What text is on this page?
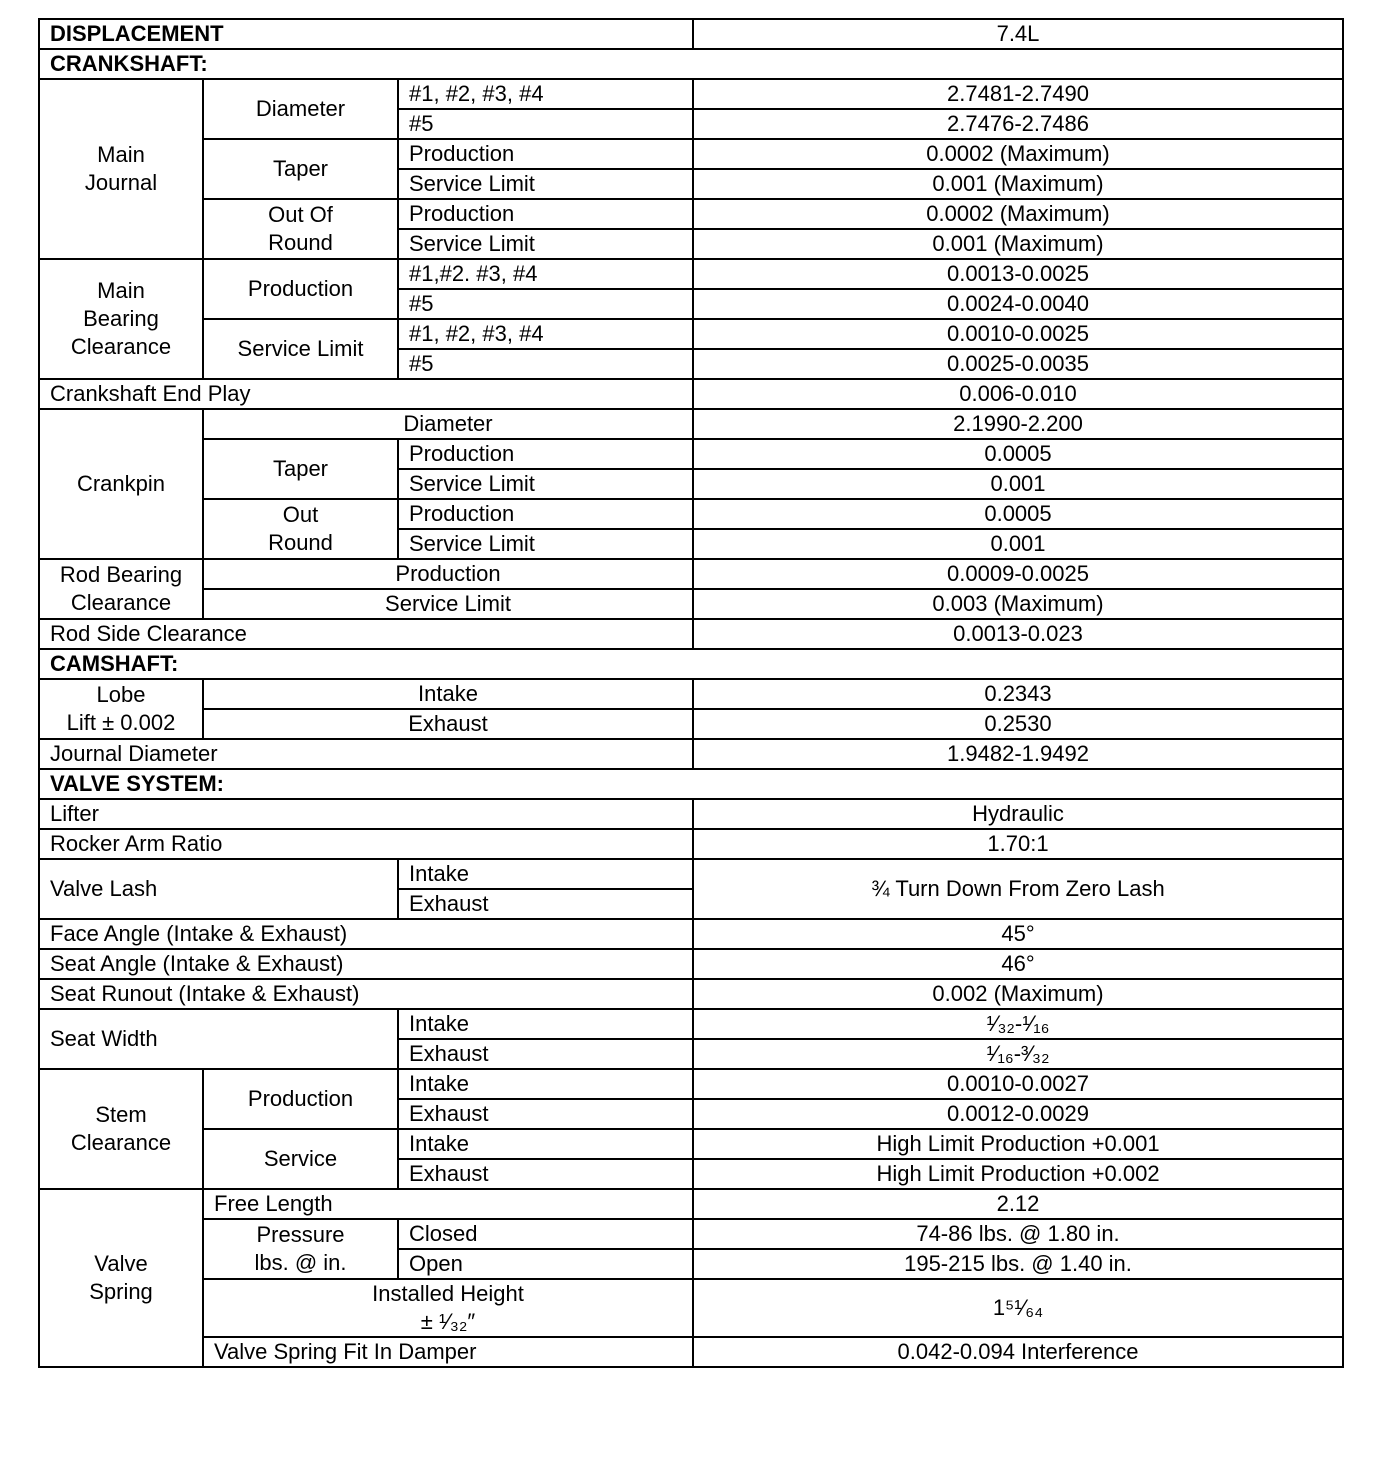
DISPLACEMENT			7.4L
CRANKSHAFT:			
Main
Journal	Diameter	#1, #2, #3, #4	2.7481-2.7490
		#5	2.7476-2.7486
	Taper	Production	0.0002 (Maximum)
		Service Limit	0.001 (Maximum)
	Out Of
Round	Production	0.0002 (Maximum)
		Service Limit	0.001 (Maximum)
Main
Bearing
Clearance	Production	#1,#2. #3, #4	0.0013-0.0025
		#5	0.0024-0.0040
	Service Limit	#1, #2, #3, #4	0.0010-0.0025
		#5	0.0025-0.0035
Crankshaft End Play			0.006-0.010
Crankpin	Diameter		2.1990-2.200
	Taper	Production	0.0005
		Service Limit	0.001
	Out
Round	Production	0.0005
		Service Limit	0.001
Rod Bearing
Clearance	Production		0.0009-0.0025
	Service Limit		0.003 (Maximum)
Rod Side Clearance			0.0013-0.023
CAMSHAFT:			
Lobe
Lift ± 0.002	Intake		0.2343
	Exhaust		0.2530
Journal Diameter			1.9482-1.9492
VALVE SYSTEM:			
Lifter			Hydraulic
Rocker Arm Ratio			1.70:1
Valve Lash		Intake	¾ Turn Down From Zero Lash
		Exhaust	
Face Angle (Intake & Exhaust)			45°
Seat Angle (Intake & Exhaust)			46°
Seat Runout (Intake & Exhaust)			0.002 (Maximum)
Seat Width		Intake	¹⁄₃₂-¹⁄₁₆
		Exhaust	¹⁄₁₆-³⁄₃₂
Stem
Clearance	Production	Intake	0.0010-0.0027
		Exhaust	0.0012-0.0029
	Service	Intake	High Limit Production +0.001
		Exhaust	High Limit Production +0.002
Valve
Spring	Free Length		2.12
	Pressure
lbs. @ in.	Closed	74-86 lbs. @ 1.80 in.
		Open	195-215 lbs. @ 1.40 in.
	Installed Height
± ¹⁄₃₂″		1⁵¹⁄₆₄
	Valve Spring Fit In Damper		0.042-0.094 Interference
